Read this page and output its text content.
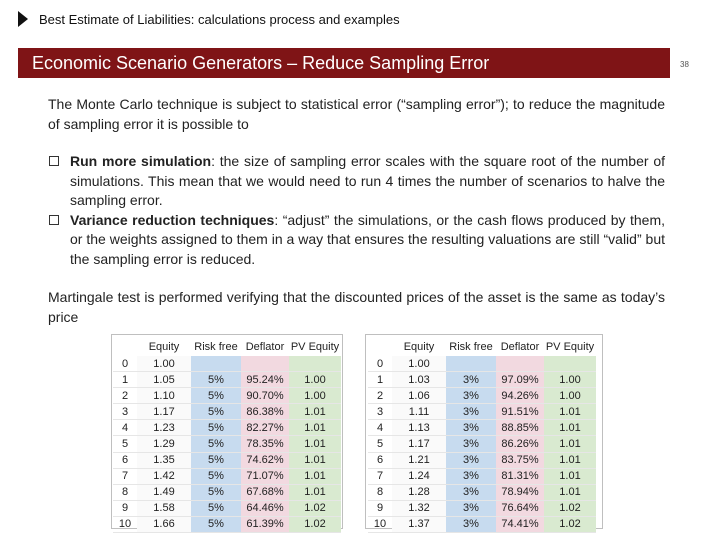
Best Estimate of Liabilities: calculations process and examples
Economic Scenario Generators – Reduce Sampling Error	38
The Monte Carlo technique is subject to statistical error (“sampling error”); to reduce the magnitude of sampling error it is possible to
Run more simulation: the size of sampling error scales with the square root of the number of simulations. This mean that we would need to run 4 times the number of scenarios to halve the sampling error.
Variance reduction techniques: “adjust” the simulations, or the cash flows produced by them, or the weights assigned to them in a way that ensures the resulting valuations are still “valid” but the sampling error is reduced.
Martingale test is performed verifying that the discounted prices of the asset is the same as today’s price
	Equity	Risk free	Deflator	PV Equity
0	1.00			
1	1.05	5%	95.24%	1.00
2	1.10	5%	90.70%	1.00
3	1.17	5%	86.38%	1.01
4	1.23	5%	82.27%	1.01
5	1.29	5%	78.35%	1.01
6	1.35	5%	74.62%	1.01
7	1.42	5%	71.07%	1.01
8	1.49	5%	67.68%	1.01
9	1.58	5%	64.46%	1.02
10	1.66	5%	61.39%	1.02
	Equity	Risk free	Deflator	PV Equity
0	1.00			
1	1.03	3%	97.09%	1.00
2	1.06	3%	94.26%	1.00
3	1.11	3%	91.51%	1.01
4	1.13	3%	88.85%	1.01
5	1.17	3%	86.26%	1.01
6	1.21	3%	83.75%	1.01
7	1.24	3%	81.31%	1.01
8	1.28	3%	78.94%	1.01
9	1.32	3%	76.64%	1.02
10	1.37	3%	74.41%	1.02
